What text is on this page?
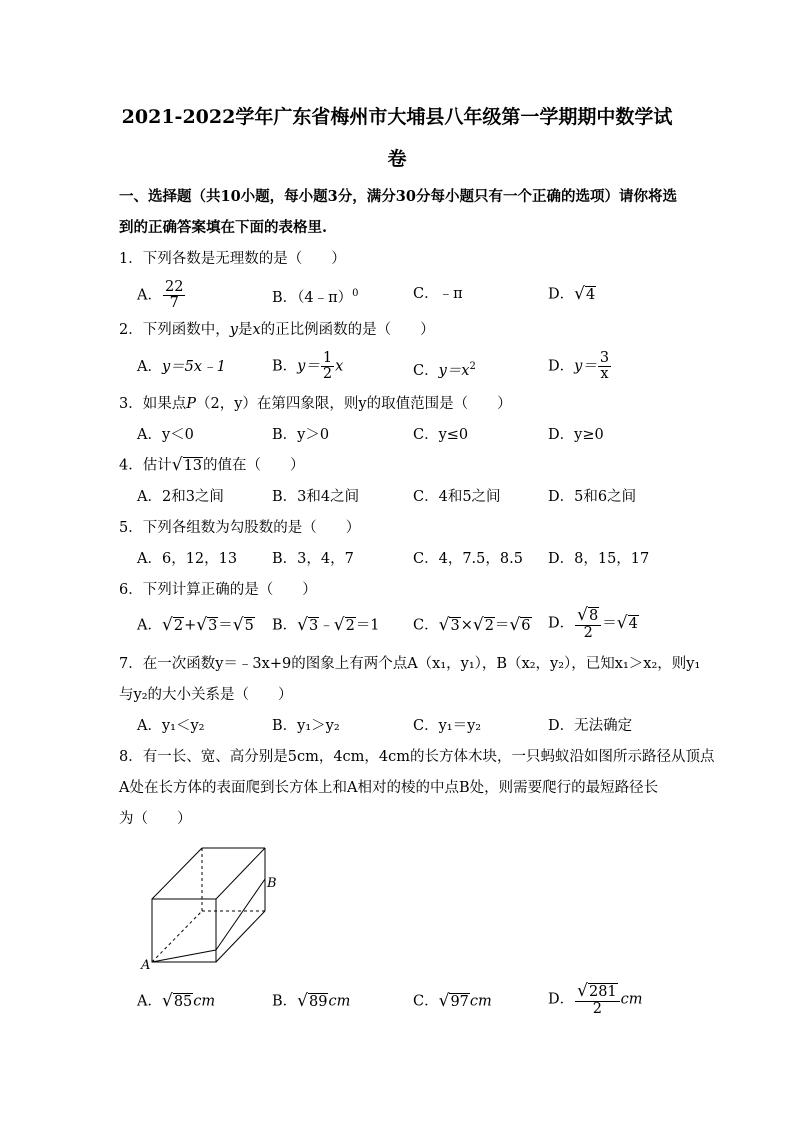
2021-2022学年广东省梅州市大埔县八年级第一学期期中数学试
卷
一、选择题（共10小题，每小题3分，满分30分每小题只有一个正确的选项）请你将选
到的正确答案填在下面的表格里.
1．下列各数是无理数的是（　　）
A． $\frac{22}{7}$	B．（4﹣π）$^0$	C．﹣π	D． √ 4
2．下列函数中，y是x的正比例函数的是（　　）
A．y＝5x﹣1	B．$y= \frac{1}{2}$ x	C．$y=x^2$	D．$y= \frac{3}{x}$
3．如果点P（2，y）在第四象限，则y的取值范围是（　　）
A．y＜0	B．y＞0	C．y≤0	D．y≥0
4．估计 √ 13 的值在（　　）
A．2和3之间	B．3和4之间	C．4和5之间	D．5和6之间
5．下列各组数为勾股数的是（　　）
A．6，12，13 B．3，4，7	C．4，7.5，8.5 D．8，15，17
6．下列计算正确的是（　　）
A． √ 2 + √ 3 ＝ √ 5 B． √ 3 ﹣ √ 2 ＝1 C． √ 3 × √ 2 ＝ √ 6 D． $\frac{√ 8}{2}$ ＝ √ 4
7．在一次函数y＝﹣3x+9的图象上有两个点A（x₁，y₁），B（x₂，y₂），已知x₁＞x₂，则y₁
与y₂的大小关系是（　　）
A．y₁＜y₂	B．y₁＞y₂	C．y₁＝y₂	D．无法确定
8．有一长、宽、高分别是5cm，4cm，4cm的长方体木块，一只蚂蚁沿如图所示路径从顶点
A处在长方体的表面爬到长方体上和A相对的棱的中点B处，则需要爬行的最短路径长
为（　　）
A
B
A． √ 85 cm	B． √ 89 cm	C． √ 97 cm	D． $\frac{√ 281}{2}$ cm
